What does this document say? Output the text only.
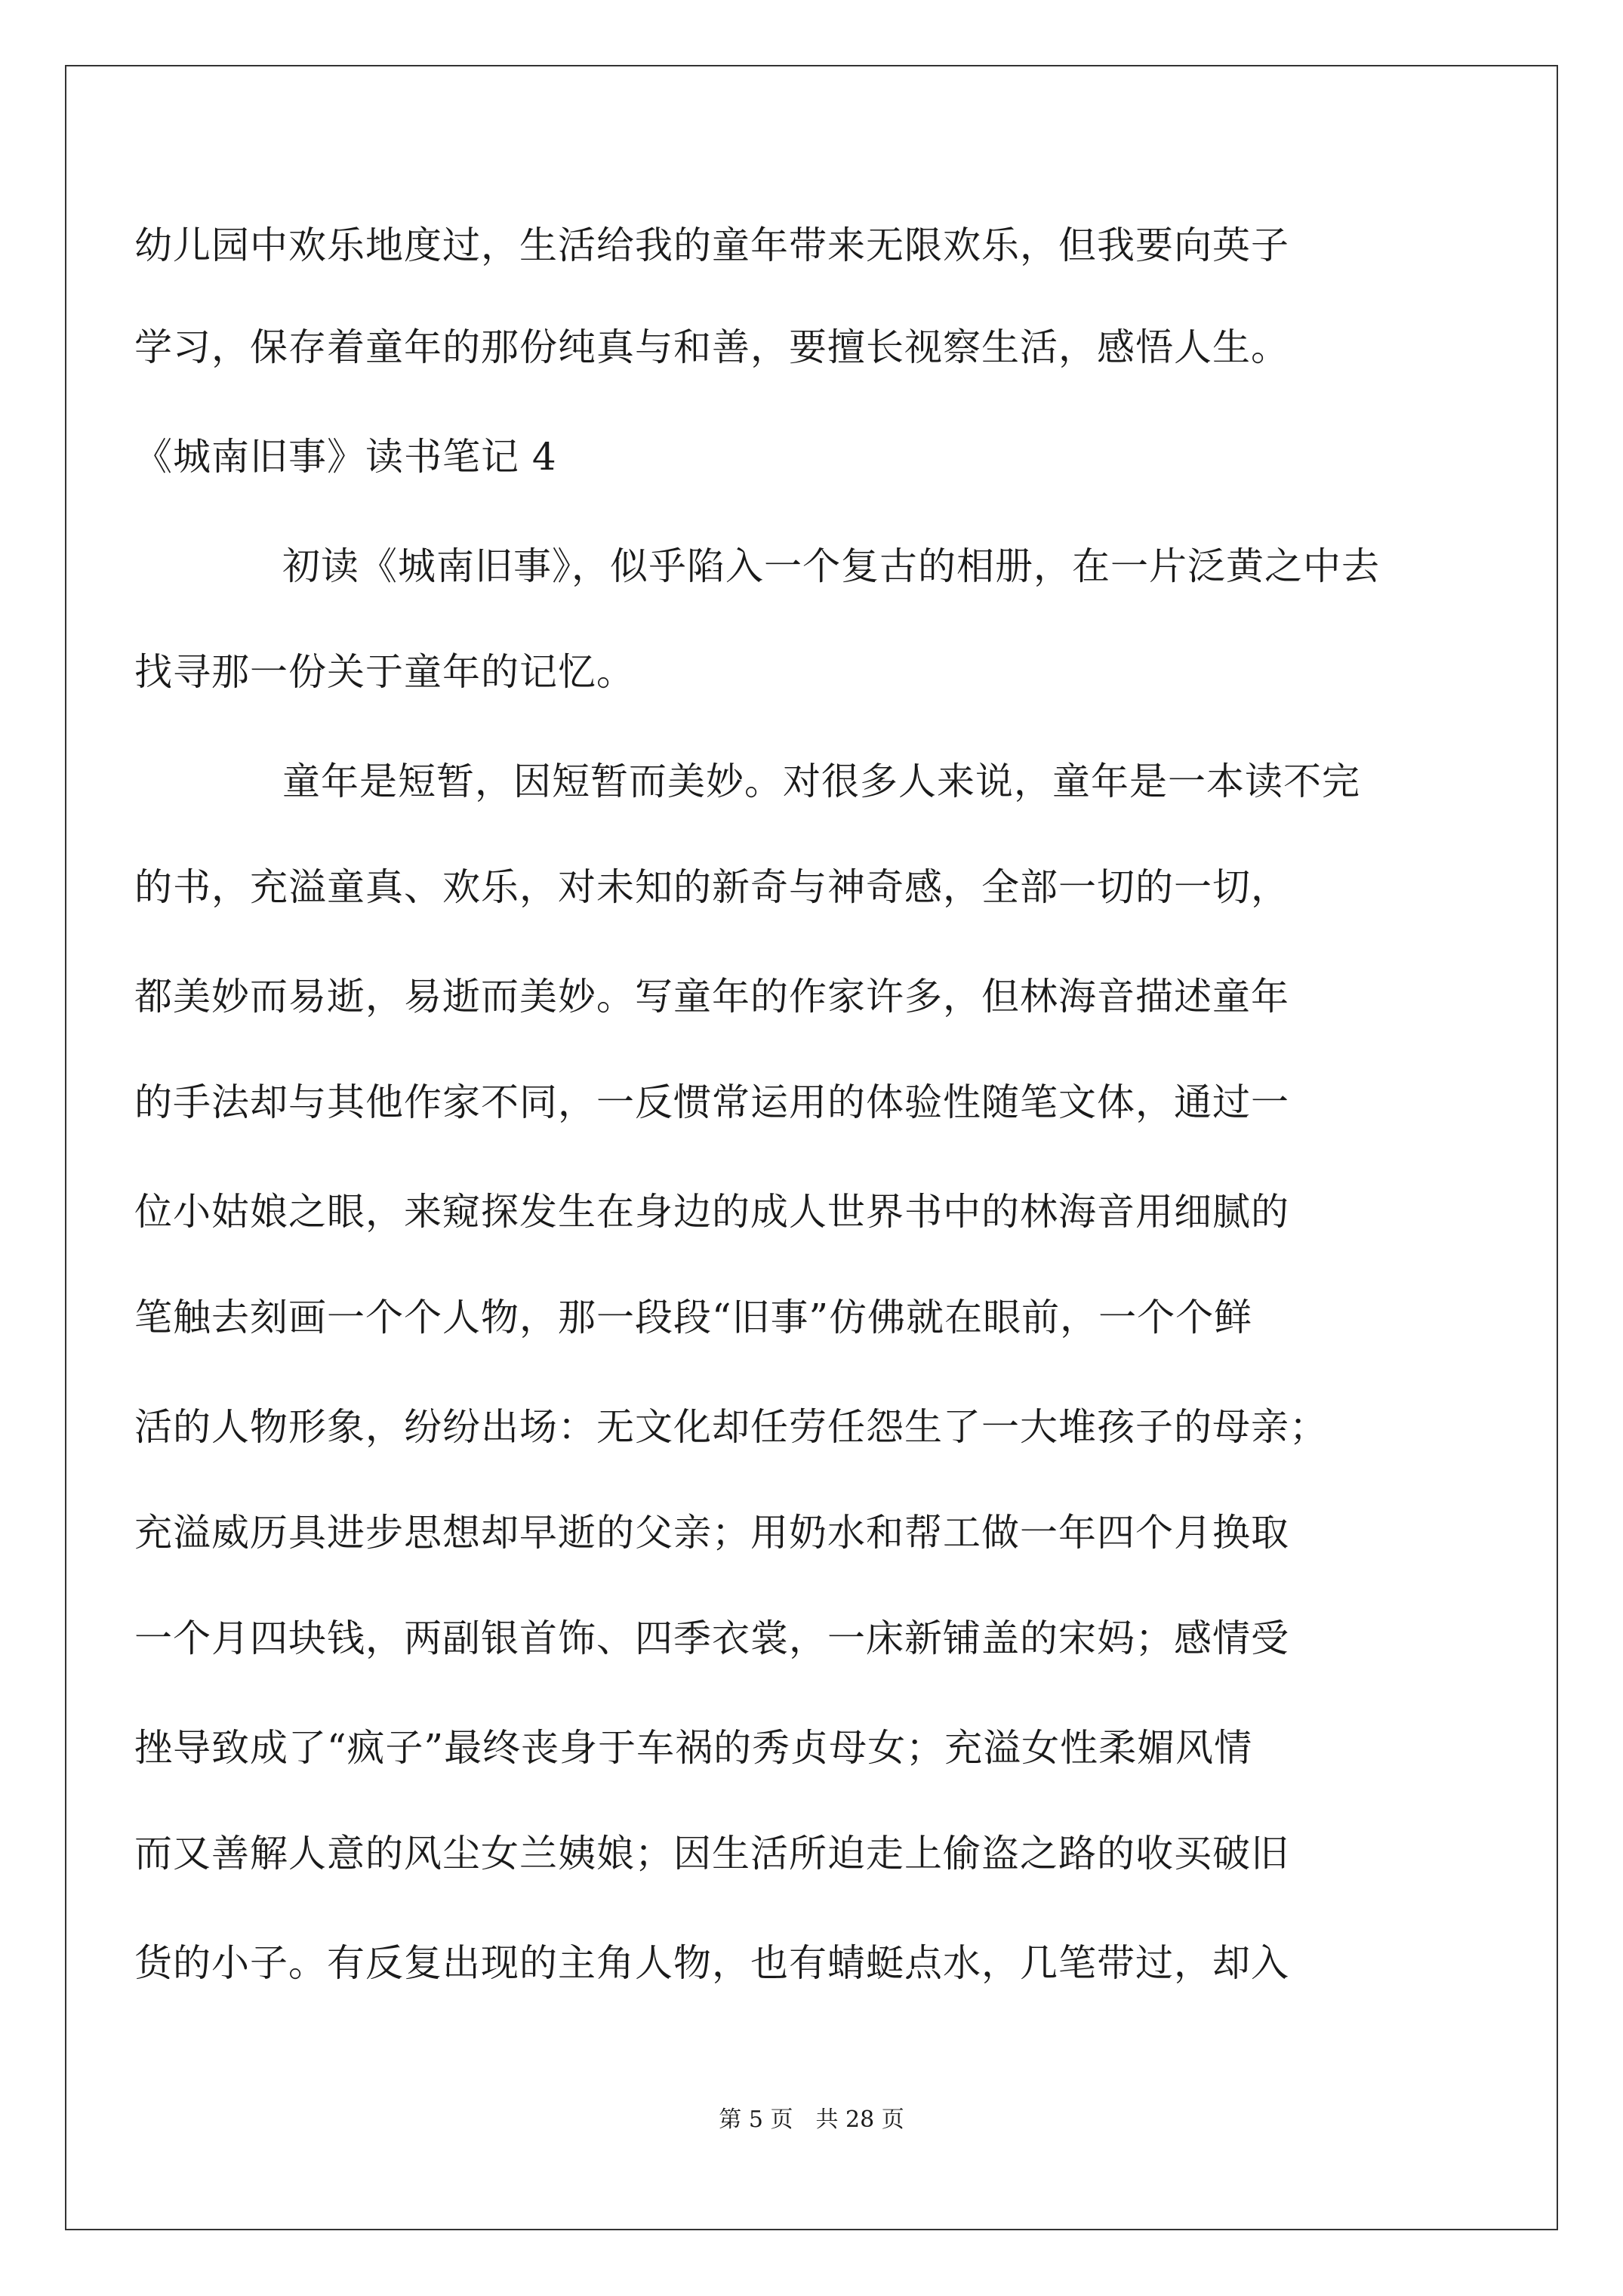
幼儿园中欢乐地度过，生活给我的童年带来无限欢乐，但我要向英子
学习，保存着童年的那份纯真与和善，要擅长视察生活，感悟人生。
《城南旧事》读书笔记 4
初读《城南旧事》，似乎陷入一个复古的相册，在一片泛黄之中去
找寻那一份关于童年的记忆。
童年是短暂，因短暂而美妙。对很多人来说，童年是一本读不完
的书，充溢童真、欢乐，对未知的新奇与神奇感，全部一切的一切，
都美妙而易逝，易逝而美妙。写童年的作家许多，但林海音描述童年
的手法却与其他作家不同，一反惯常运用的体验性随笔文体，通过一
位小姑娘之眼，来窥探发生在身边的成人世界书中的林海音用细腻的
笔触去刻画一个个人物，那一段段“旧事”仿佛就在眼前，一个个鲜
活的人物形象，纷纷出场：无文化却任劳任怨生了一大堆孩子的母亲；
充溢威历具进步思想却早逝的父亲；用奶水和帮工做一年四个月换取
一个月四块钱，两副银首饰、四季衣裳，一床新铺盖的宋妈；感情受
挫导致成了“疯子”最终丧身于车祸的秀贞母女；充溢女性柔媚风情
而又善解人意的风尘女兰姨娘；因生活所迫走上偷盗之路的收买破旧
货的小子。有反复出现的主角人物，也有蜻蜓点水，几笔带过，却入
第 5 页　共 28 页
